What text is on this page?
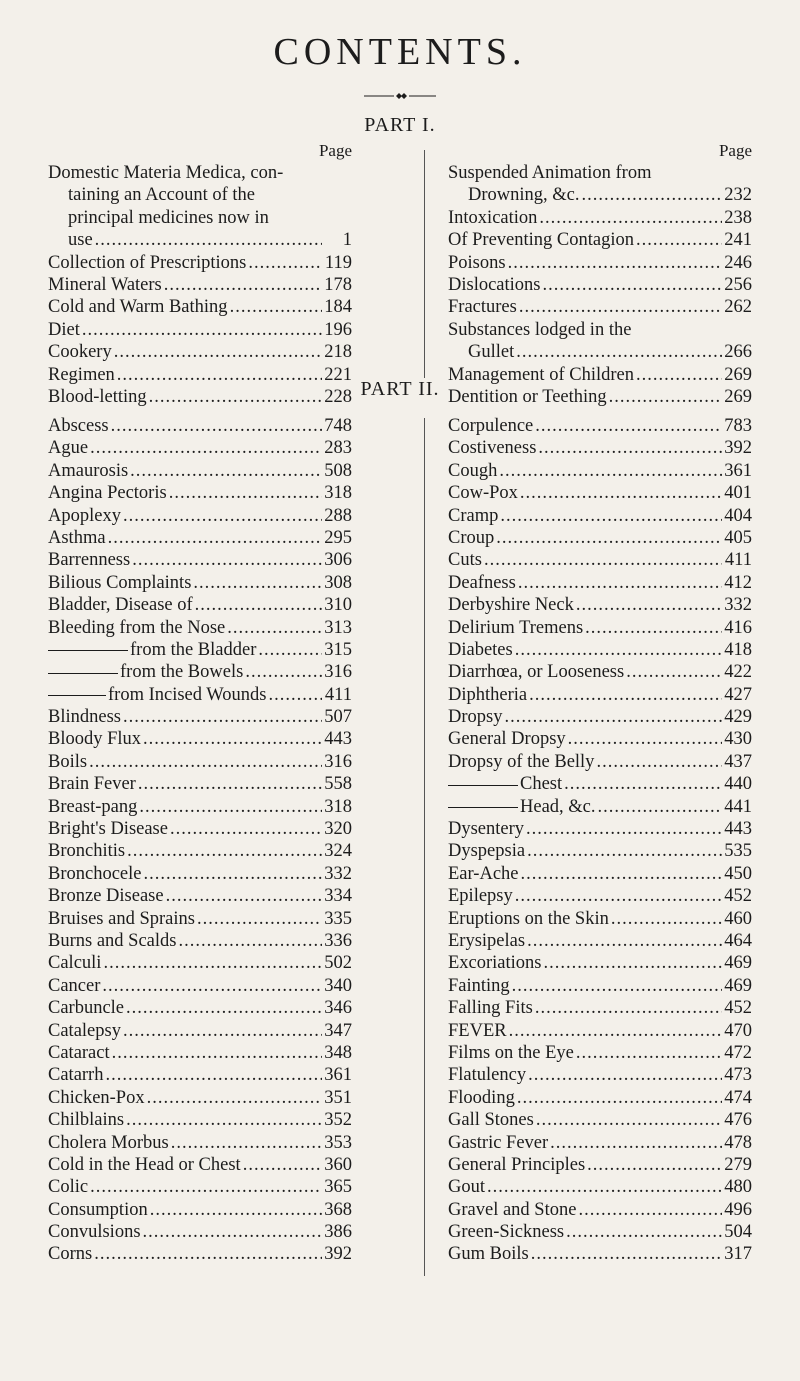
CONTENTS.
PART I.
Page
Domestic Materia Medica, con-
taining an Account of the
principal medicines now in
use .....	1
Collection of Prescriptions .....	119
Mineral Waters .....	178
Cold and Warm Bathing .....	184
Diet .....	196
Cookery .....	218
Regimen .....	221
Blood-letting .....	228
Page
Suspended Animation from
Drowning, &c. .....	232
Intoxication .....	238
Of Preventing Contagion .....	241
Poisons .....	246
Dislocations .....	256
Fractures .....	262
Substances lodged in the
Gullet .....	266
Management of Children .....	269
Dentition or Teething .....	269
PART II.
Abscess .....	748
Ague .....	283
Amaurosis .....	508
Angina Pectoris .....	318
Apoplexy .....	288
Asthma .....	295
Barrenness .....	306
Bilious Complaints .....	308
Bladder, Disease of .....	310
Bleeding from the Nose .....	313
from the Bladder .....	315
from the Bowels .....	316
from Incised Wounds .....	411
Blindness .....	507
Bloody Flux .....	443
Boils .....	316
Brain Fever .....	558
Breast-pang .....	318
Bright's Disease .....	320
Bronchitis .....	324
Bronchocele .....	332
Bronze Disease .....	334
Bruises and Sprains .....	335
Burns and Scalds .....	336
Calculi .....	502
Cancer .....	340
Carbuncle .....	346
Catalepsy .....	347
Cataract .....	348
Catarrh .....	361
Chicken-Pox .....	351
Chilblains .....	352
Cholera Morbus .....	353
Cold in the Head or Chest .....	360
Colic .....	365
Consumption .....	368
Convulsions .....	386
Corns .....	392
Corpulence .....	783
Costiveness .....	392
Cough .....	361
Cow-Pox .....	401
Cramp .....	404
Croup .....	405
Cuts .....	411
Deafness .....	412
Derbyshire Neck .....	332
Delirium Tremens .....	416
Diabetes .....	418
Diarrhœa, or Looseness .....	422
Diphtheria .....	427
Dropsy .....	429
General Dropsy .....	430
Dropsy of the Belly .....	437
Chest .....	440
Head, &c. .....	441
Dysentery .....	443
Dyspepsia .....	535
Ear-Ache .....	450
Epilepsy .....	452
Eruptions on the Skin .....	460
Erysipelas .....	464
Excoriations .....	469
Fainting .....	469
Falling Fits .....	452
FEVER .....	470
Films on the Eye .....	472
Flatulency .....	473
Flooding .....	474
Gall Stones .....	476
Gastric Fever .....	478
General Principles .....	279
Gout .....	480
Gravel and Stone .....	496
Green-Sickness .....	504
Gum Boils .....	317
